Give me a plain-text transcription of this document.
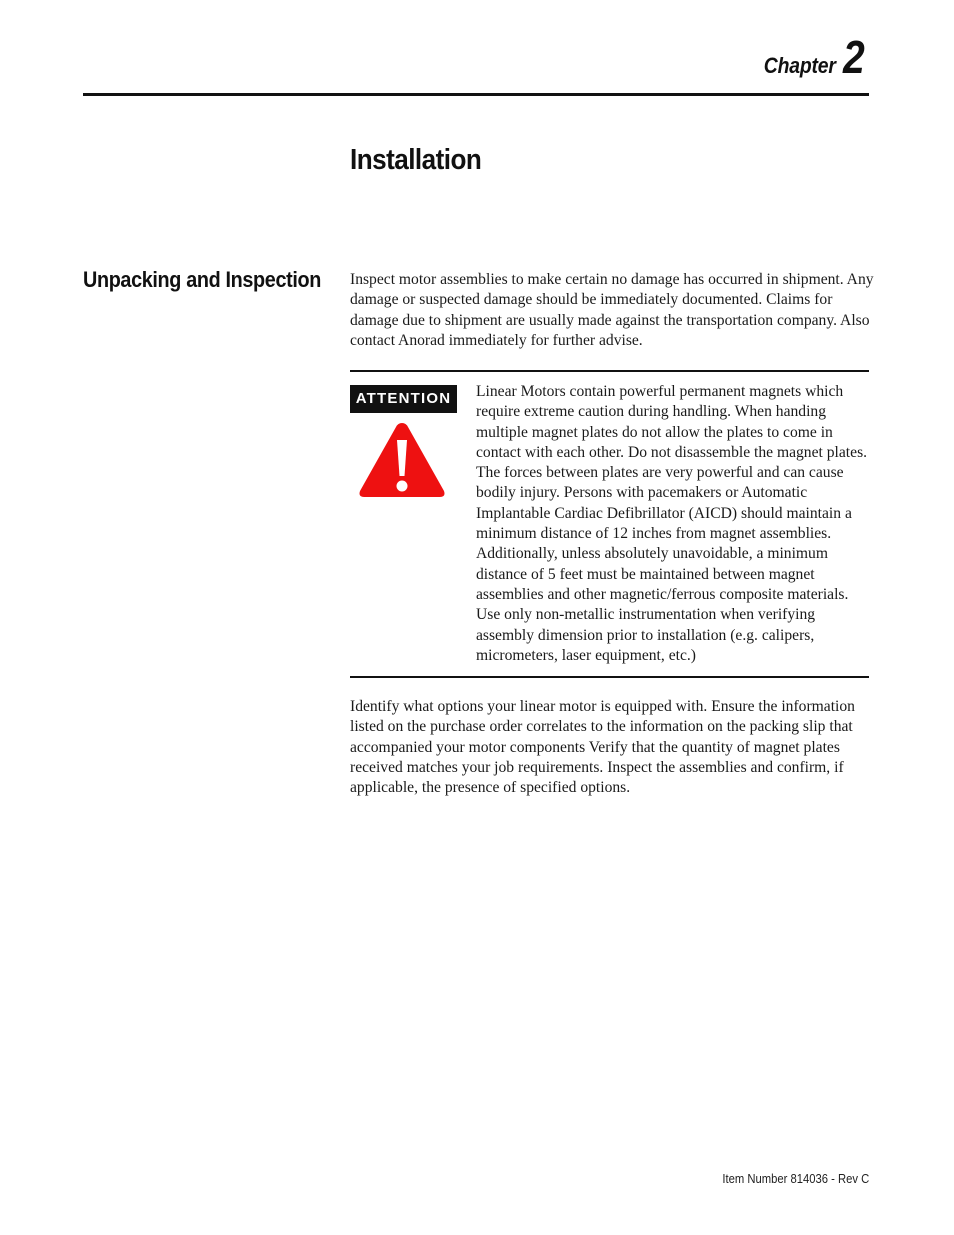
Chapter 2
Installation
Unpacking and Inspection Inspect motor assemblies to make certain no damage has occurred in shipment. Any damage or suspected damage should be immediately documented. Claims for damage due to shipment are usually made against the transportation company. Also contact Anorad immediately for further advise.

ATTENTION	Linear Motors contain powerful permanent magnets which require extreme caution during handling. When handing multiple magnet plates do not allow the plates to come in contact with each other. Do not disassemble the magnet plates. The forces between plates are very powerful and can cause bodily injury. Persons with pacemakers or Automatic Implantable Cardiac Defibrillator (AICD) should maintain a minimum distance of 12 inches from magnet assemblies. Additionally, unless absolutely unavoidable, a minimum distance of 5 feet must be maintained between magnet assemblies and other magnetic/ferrous composite materials. Use only non-metallic instrumentation when verifying assembly dimension prior to installation (e.g. calipers, micrometers, laser equipment, etc.)

Identify what options your linear motor is equipped with. Ensure the information listed on the purchase order correlates to the information on the packing slip that accompanied your motor components Verify that the quantity of magnet plates received matches your job requirements. Inspect the assemblies and confirm, if applicable, the presence of specified options.

Item Number 814036 - Rev C
